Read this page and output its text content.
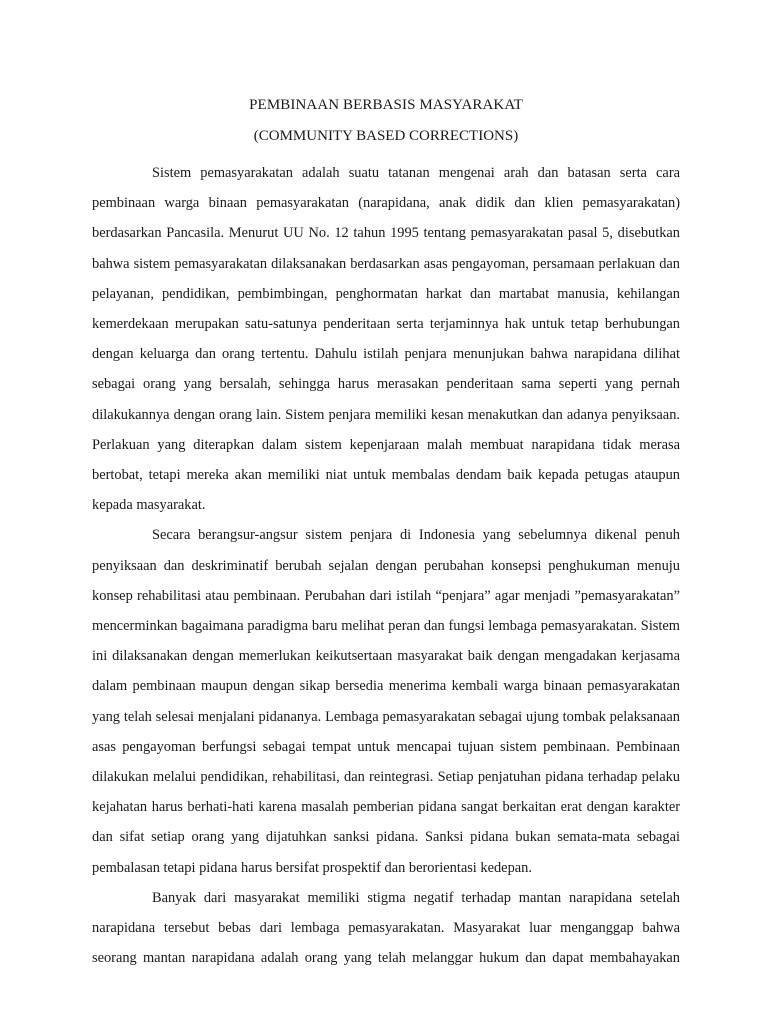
PEMBINAAN BERBASIS MASYARAKAT
(COMMUNITY BASED CORRECTIONS)

Sistem pemasyarakatan adalah suatu tatanan mengenai arah dan batasan serta cara pembinaan warga binaan pemasyarakatan (narapidana, anak didik dan klien pemasyarakatan) berdasarkan Pancasila. Menurut UU No. 12 tahun 1995 tentang pemasyarakatan pasal 5, disebutkan bahwa sistem pemasyarakatan dilaksanakan berdasarkan asas pengayoman, persamaan perlakuan dan pelayanan, pendidikan, pembimbingan, penghormatan harkat dan martabat manusia, kehilangan kemerdekaan merupakan satu-satunya penderitaan serta terjaminnya hak untuk tetap berhubungan dengan keluarga dan orang tertentu. Dahulu istilah penjara menunjukan bahwa narapidana dilihat sebagai orang yang bersalah, sehingga harus merasakan penderitaan sama seperti yang pernah dilakukannya dengan orang lain. Sistem penjara memiliki kesan menakutkan dan adanya penyiksaan. Perlakuan yang diterapkan dalam sistem kepenjaraan malah membuat narapidana tidak merasa bertobat, tetapi mereka akan memiliki niat untuk membalas dendam baik kepada petugas ataupun kepada masyarakat.

Secara berangsur-angsur sistem penjara di Indonesia yang sebelumnya dikenal penuh penyiksaan dan deskriminatif berubah sejalan dengan perubahan konsepsi penghukuman menuju konsep rehabilitasi atau pembinaan. Perubahan dari istilah “penjara” agar menjadi ”pemasyarakatan” mencerminkan bagaimana paradigma baru melihat peran dan fungsi lembaga pemasyarakatan. Sistem ini dilaksanakan dengan memerlukan keikutsertaan masyarakat baik dengan mengadakan kerjasama dalam pembinaan maupun dengan sikap bersedia menerima kembali warga binaan pemasyarakatan yang telah selesai menjalani pidananya. Lembaga pemasyarakatan sebagai ujung tombak pelaksanaan asas pengayoman berfungsi sebagai tempat untuk mencapai tujuan sistem pembinaan. Pembinaan dilakukan melalui pendidikan, rehabilitasi, dan reintegrasi. Setiap penjatuhan pidana terhadap pelaku kejahatan harus berhati-hati karena masalah pemberian pidana sangat berkaitan erat dengan karakter dan sifat setiap orang yang dijatuhkan sanksi pidana. Sanksi pidana bukan semata-mata sebagai pembalasan tetapi pidana harus bersifat prospektif dan berorientasi kedepan.

Banyak dari masyarakat memiliki stigma negatif terhadap mantan narapidana setelah narapidana tersebut bebas dari lembaga pemasyarakatan. Masyarakat luar menganggap bahwa seorang mantan narapidana adalah orang yang telah melanggar hukum dan dapat membahayakan
